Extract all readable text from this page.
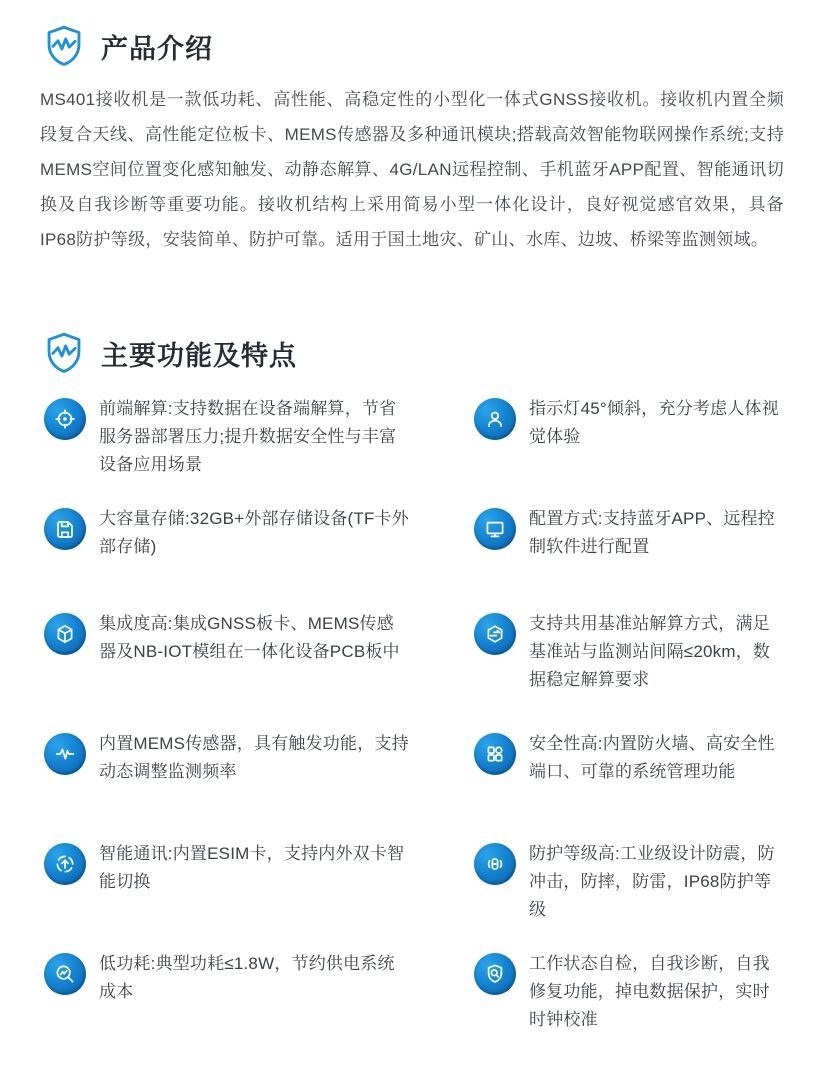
产品介绍

MS401接收机是一款低功耗、高性能、高稳定性的小型化一体式GNSS接收机。接收机内置全频段复合天线、高性能定位板卡、MEMS传感器及多种通讯模块;搭载高效智能物联网操作系统;支持MEMS空间位置变化感知触发、动静态解算、4G/LAN远程控制、手机蓝牙APP配置、智能通讯切换及自我诊断等重要功能。接收机结构上采用简易小型一体化设计，良好视觉感官效果，具备IP68防护等级，安装简单、防护可靠。适用于国土地灾、矿山、水库、边坡、桥梁等监测领域。

主要功能及特点

前端解算:支持数据在设备端解算，节省服务器部署压力;提升数据安全性与丰富设备应用场景

大容量存储:32GB+外部存储设备(TF卡外部存储)

集成度高:集成GNSS板卡、MEMS传感器及NB-IOT模组在一体化设备PCB板中

内置MEMS传感器，具有触发功能，支持动态调整监测频率

智能通讯:内置ESIM卡，支持内外双卡智能切换

低功耗:典型功耗≤1.8W，节约供电系统成本

指示灯45°倾斜，充分考虑人体视觉体验

配置方式:支持蓝牙APP、远程控制软件进行配置

支持共用基准站解算方式，满足基准站与监测站间隔≤20km，数据稳定解算要求

安全性高:内置防火墙、高安全性端口、可靠的系统管理功能

防护等级高:工业级设计防震，防冲击，防摔，防雷，IP68防护等级

工作状态自检，自我诊断，自我修复功能，掉电数据保护，实时时钟校准
